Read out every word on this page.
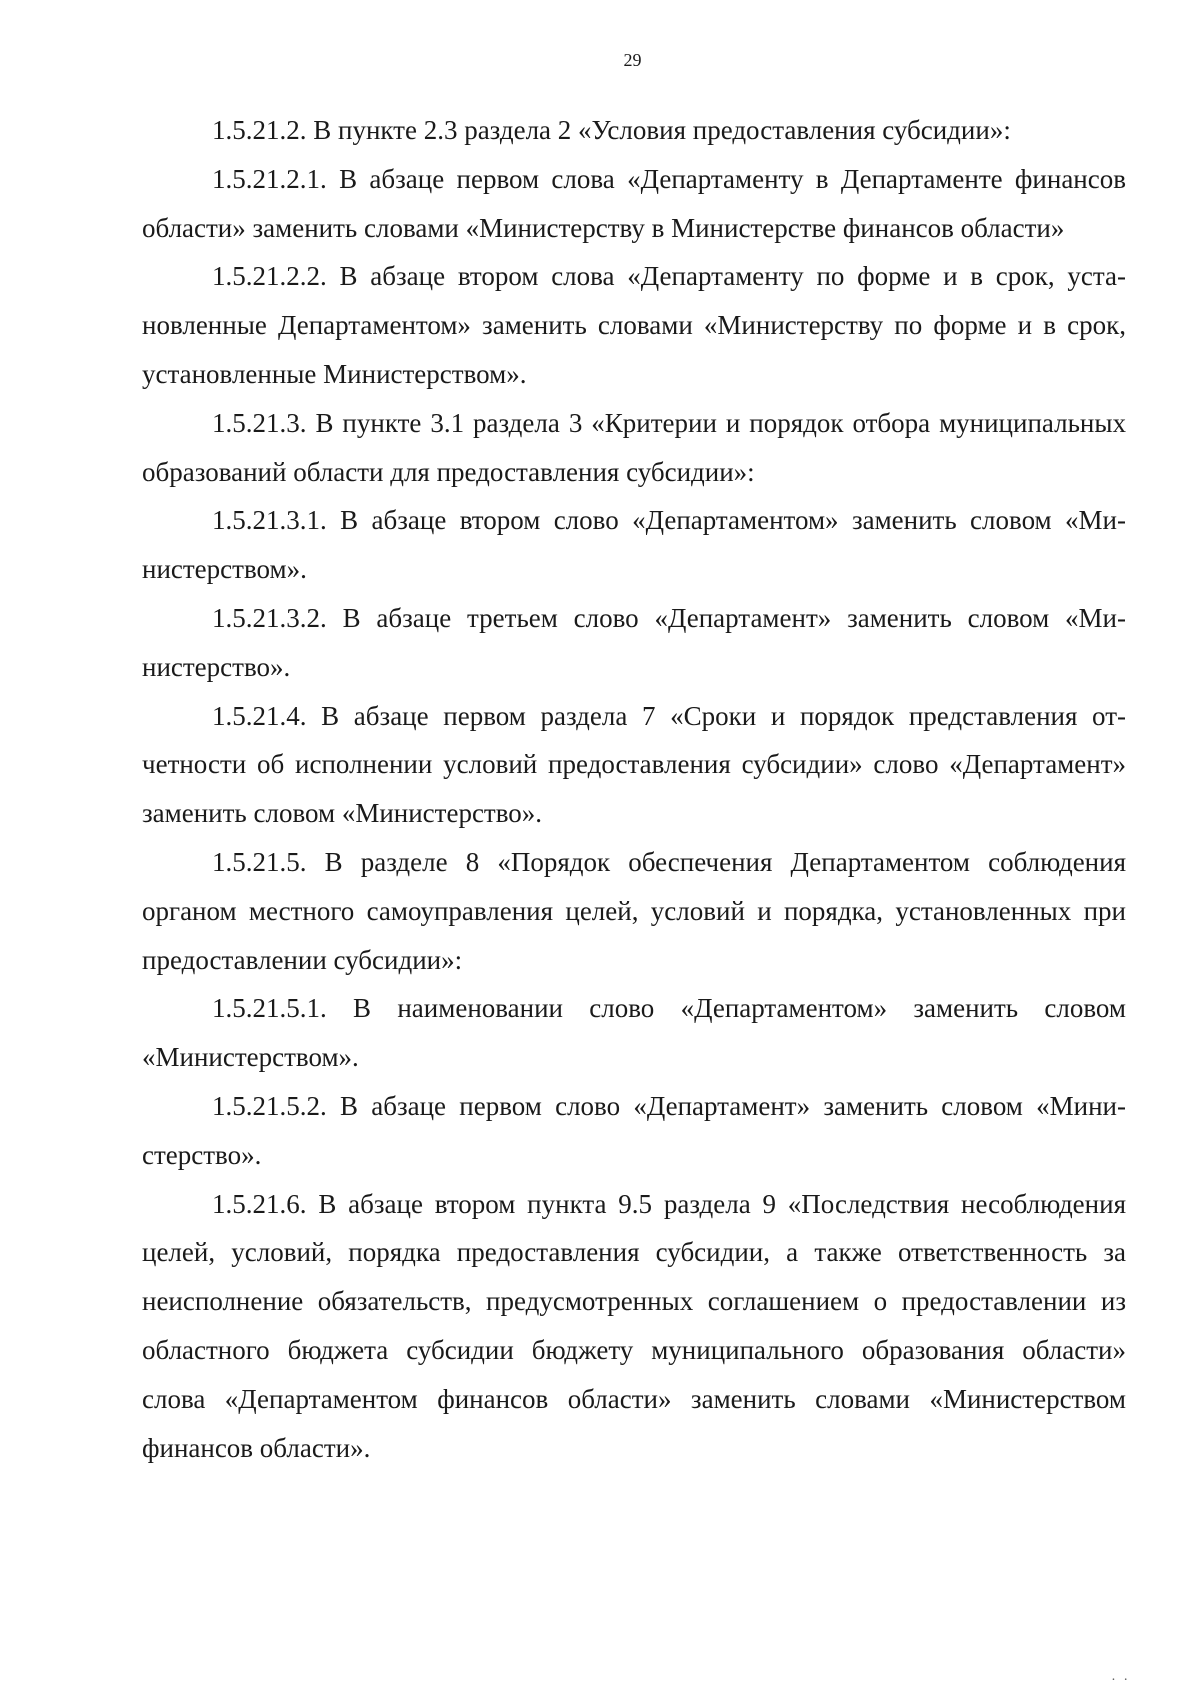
29

1.5.21.2. В пункте 2.3 раздела 2 «Условия предоставления субсидии»:

1.5.21.2.1. В абзаце первом слова «Департаменту в Департаменте финансов области» заменить словами «Министерству в Министерстве финансов области»

1.5.21.2.2. В абзаце втором слова «Департаменту по форме и в срок, установленные Департаментом» заменить словами «Министерству по форме и в срок, установленные Министерством».

1.5.21.3. В пункте 3.1 раздела 3 «Критерии и порядок отбора муниципальных образований области для предоставления субсидии»:

1.5.21.3.1. В абзаце втором слово «Департаментом» заменить словом «Министерством».

1.5.21.3.2. В абзаце третьем слово «Департамент» заменить словом «Министерство».

1.5.21.4. В абзаце первом раздела 7 «Сроки и порядок представления отчетности об исполнении условий предоставления субсидии» слово «Департамент» заменить словом «Министерство».

1.5.21.5. В разделе 8 «Порядок обеспечения Департаментом соблюдения органом местного самоуправления целей, условий и порядка, установленных при предоставлении субсидии»:

1.5.21.5.1. В наименовании слово «Департаментом» заменить словом «Министерством».

1.5.21.5.2. В абзаце первом слово «Департамент» заменить словом «Министерство».

1.5.21.6. В абзаце втором пункта 9.5 раздела 9 «Последствия несоблюдения целей, условий, порядка предоставления субсидии, а также ответственность за неисполнение обязательств, предусмотренных соглашением о предоставлении из областного бюджета субсидии бюджету муниципального образования области» слова «Департаментом финансов области» заменить словами «Министерством финансов области».

· ·
